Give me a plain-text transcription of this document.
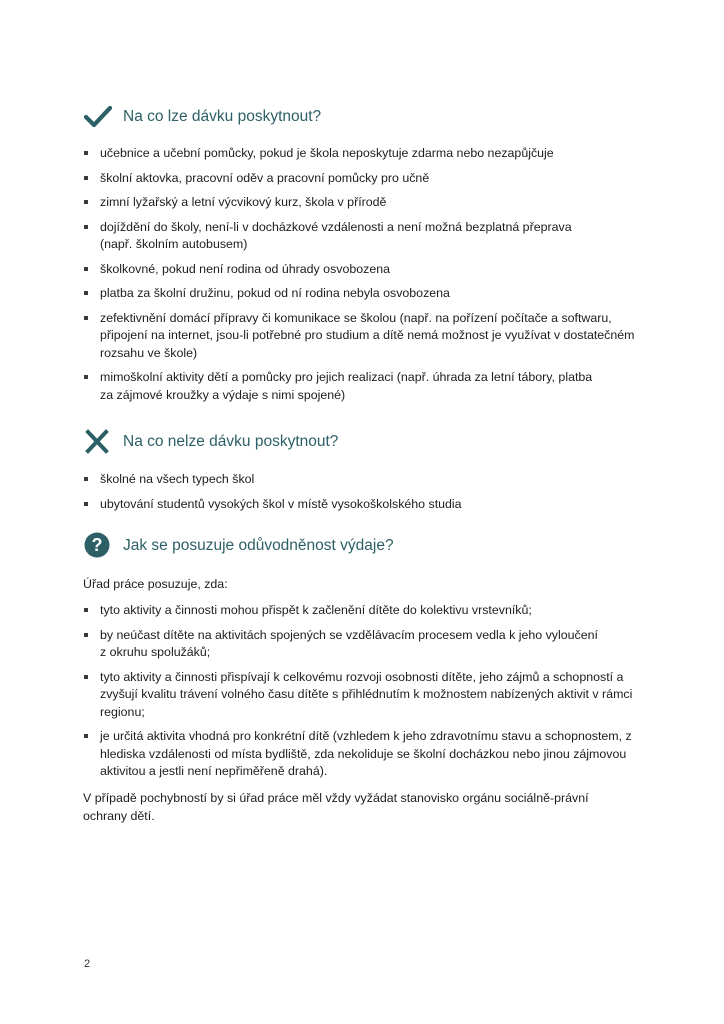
Na co lze dávku poskytnout?
učebnice a učební pomůcky, pokud je škola neposkytuje zdarma nebo nezapůjčuje
školní aktovka, pracovní oděv a pracovní pomůcky pro učně
zimní lyžařský a letní výcvikový kurz, škola v přírodě
dojíždění do školy, není-li v docházkové vzdálenosti a není možná bezplatná přeprava (např. školním autobusem)
školkovné, pokud není rodina od úhrady osvobozena
platba za školní družinu, pokud od ní rodina nebyla osvobozena
zefektivnění domácí přípravy či komunikace se školou (např. na pořízení počítače a softwaru, připojení na internet, jsou-li potřebné pro studium a dítě nemá možnost je využívat v dostatečném rozsahu ve škole)
mimoškolní aktivity dětí a pomůcky pro jejich realizaci (např. úhrada za letní tábory, platba za zájmové kroužky a výdaje s nimi spojené)
Na co nelze dávku poskytnout?
školné na všech typech škol
ubytování studentů vysokých škol v místě vysokoškolského studia
? Jak se posuzuje odůvodněnost výdaje?

Úřad práce posuzuje, zda:

tyto aktivity a činnosti mohou přispět k začlenění dítěte do kolektivu vrstevníků;
by neúčast dítěte na aktivitách spojených se vzdělávacím procesem vedla k jeho vyloučení z okruhu spolužáků;
tyto aktivity a činnosti přispívají k celkovému rozvoji osobnosti dítěte, jeho zájmů a schopností a zvyšují kvalitu trávení volného času dítěte s přihlédnutím k možnostem nabízených aktivit v rámci regionu;
je určitá aktivita vhodná pro konkrétní dítě (vzhledem k jeho zdravotnímu stavu a schopnostem, z hlediska vzdálenosti od místa bydliště, zda nekoliduje se školní docházkou nebo jinou zájmovou aktivitou a jestli není nepřiměřeně drahá).

V případě pochybností by si úřad práce měl vždy vyžádat stanovisko orgánu sociálně-právní ochrany dětí.

2
